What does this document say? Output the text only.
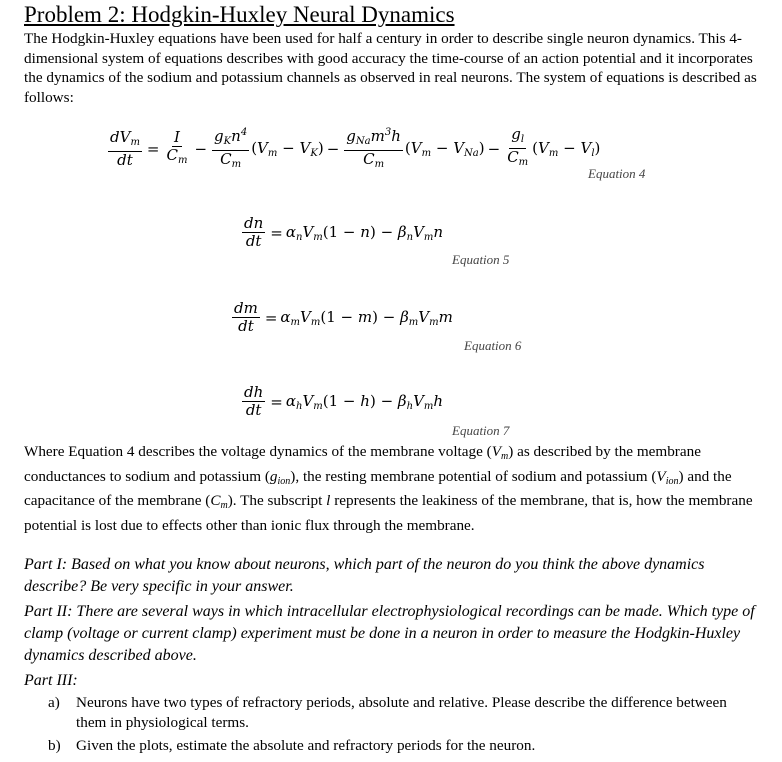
Problem 2: Hodgkin-Huxley Neural Dynamics
The Hodgkin-Huxley equations have been used for half a century in order to describe single neuron dynamics. This 4-dimensional system of equations describes with good accuracy the time-course of an action potential and it incorporates the dynamics of the sodium and potassium channels as observed in real neurons. The system of equations is described as follows:
$\frac{dV_m}{dt} = \frac{I}{C_m} - \frac{g_Kn^4}{C_m} (V_m - V_K) - \frac{g_{Na}m^3h}{C_m} (V_m - V_{Na}) - \frac{g_l}{C_m} (V_m - V_l)$
Equation 4
$\frac{dn}{dt} = \alpha_nV_m(1 - n) - \beta_nV_mn$
Equation 5
$\frac{dm}{dt} = \alpha_mV_m(1 - m) - \beta_mV_mm$
Equation 6
$\frac{dh}{dt} = \alpha_hV_m(1 - h) - \beta_hV_mh$
Equation 7
Where Equation 4 describes the voltage dynamics of the membrane voltage $(V_m)$ as described by the membrane conductances to sodium and potassium $(g_{ion})$, the resting membrane potential of sodium and potassium $(V_{ion})$ and the capacitance of the membrane $(C_m)$. The subscript l represents the leakiness of the membrane, that is, how the membrane potential is lost due to effects other than ionic flux through the membrane.
Part I: Based on what you know about neurons, which part of the neuron do you think the above dynamics describe? Be very specific in your answer.
Part II: There are several ways in which intracellular electrophysiological recordings can be made. Which type of clamp (voltage or current clamp) experiment must be done in a neuron in order to measure the Hodgkin-Huxley dynamics described above.
Part III:
a) Neurons have two types of refractory periods, absolute and relative. Please describe the difference between them in physiological terms.
b) Given the plots, estimate the absolute and refractory periods for the neuron.
